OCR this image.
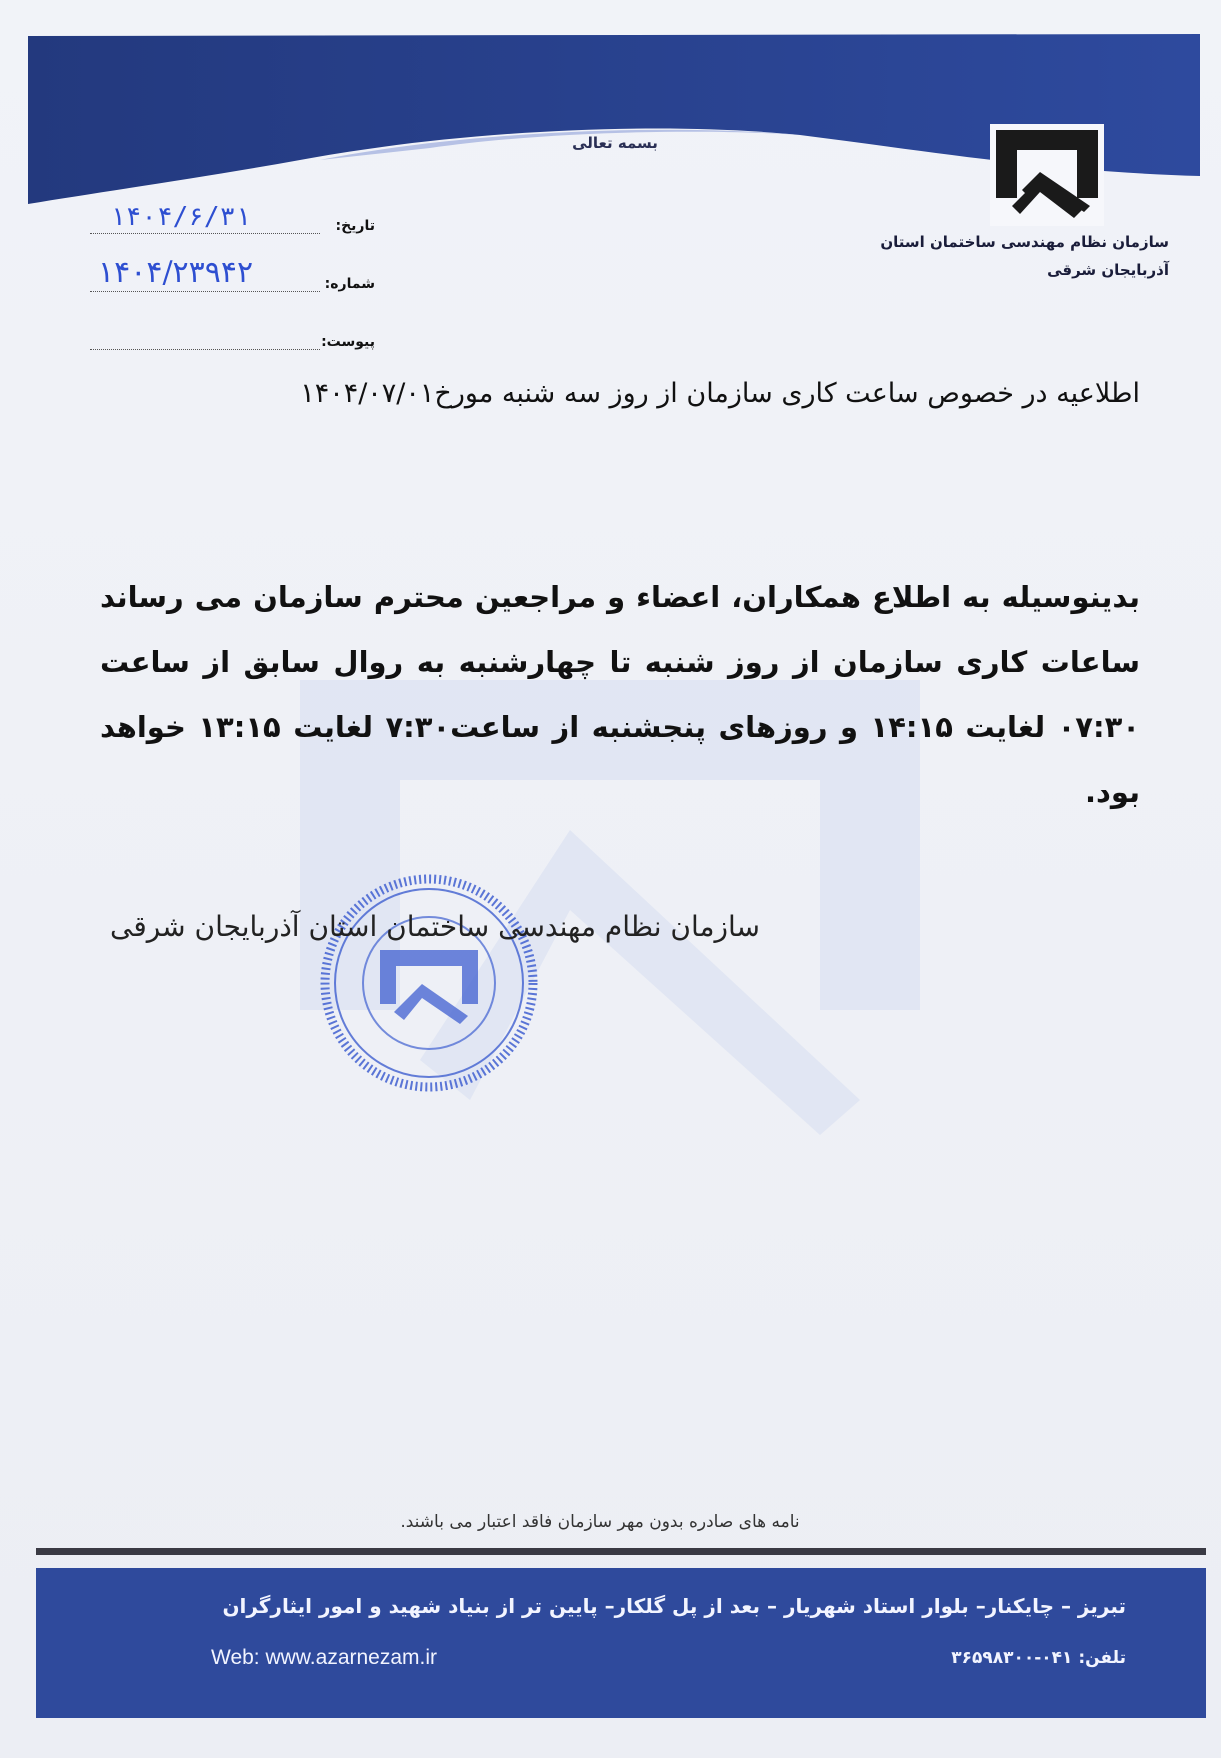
بسمه تعالی
سازمان نظام مهندسی ساختمان استان
آذربایجان شرقی
تاریخ:
۱۴۰۴/۶/۳۱
شماره:
۱۴۰۴/۲۳۹۴۲
پیوست:
اطلاعیه در خصوص ساعت کاری سازمان از روز سه شنبه مورخ۱۴۰۴/۰۷/۰۱
بدینوسیله به اطلاع همکاران، اعضاء و مراجعین محترم سازمان می رساند ساعات کاری سازمان از روز شنبه تا چهارشنبه به روال سابق از ساعت ۰۷:۳۰ لغایت ۱۴:۱۵ و روزهای پنجشنبه از ساعت۷:۳۰ لغایت ۱۳:۱۵ خواهد بود.
سازمان نظام مهندسی ساختمان استان آذربایجان شرقی
نامه های صادره بدون مهر سازمان فاقد اعتبار می باشند.
تبریز – چایکنار– بلوار استاد شهریار – بعد از پل گلکار– پایین تر از بنیاد شهید و امور ایثارگران
Web: www.azarnezam.ir	تلفن: ۰۴۱-۳۶۵۹۸۳۰۰
